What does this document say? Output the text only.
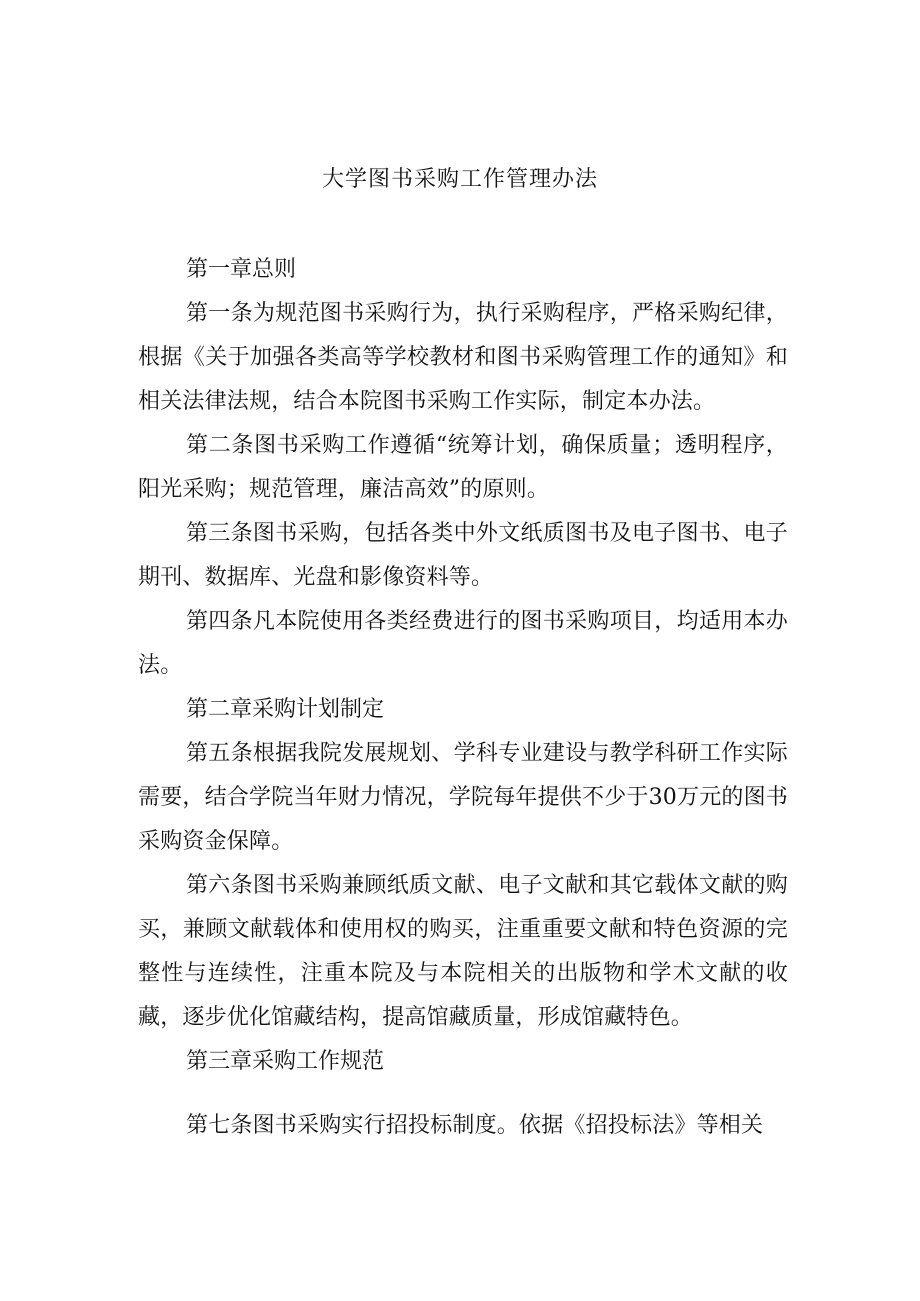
大学图书采购工作管理办法

第一章总则

第一条为规范图书采购行为，执行采购程序，严格采购纪律，根据《关于加强各类高等学校教材和图书采购管理工作的通知》和相关法律法规，结合本院图书采购工作实际，制定本办法。

第二条图书采购工作遵循“统筹计划，确保质量；透明程序，阳光采购；规范管理，廉洁高效”的原则。

第三条图书采购，包括各类中外文纸质图书及电子图书、电子期刊、数据库、光盘和影像资料等。

第四条凡本院使用各类经费进行的图书采购项目，均适用本办法。

第二章采购计划制定

第五条根据我院发展规划、学科专业建设与教学科研工作实际需要，结合学院当年财力情况，学院每年提供不少于30万元的图书采购资金保障。

第六条图书采购兼顾纸质文献、电子文献和其它载体文献的购买，兼顾文献载体和使用权的购买，注重重要文献和特色资源的完整性与连续性，注重本院及与本院相关的出版物和学术文献的收藏，逐步优化馆藏结构，提高馆藏质量，形成馆藏特色。

第三章采购工作规范

第七条图书采购实行招投标制度。依据《招投标法》等相关
